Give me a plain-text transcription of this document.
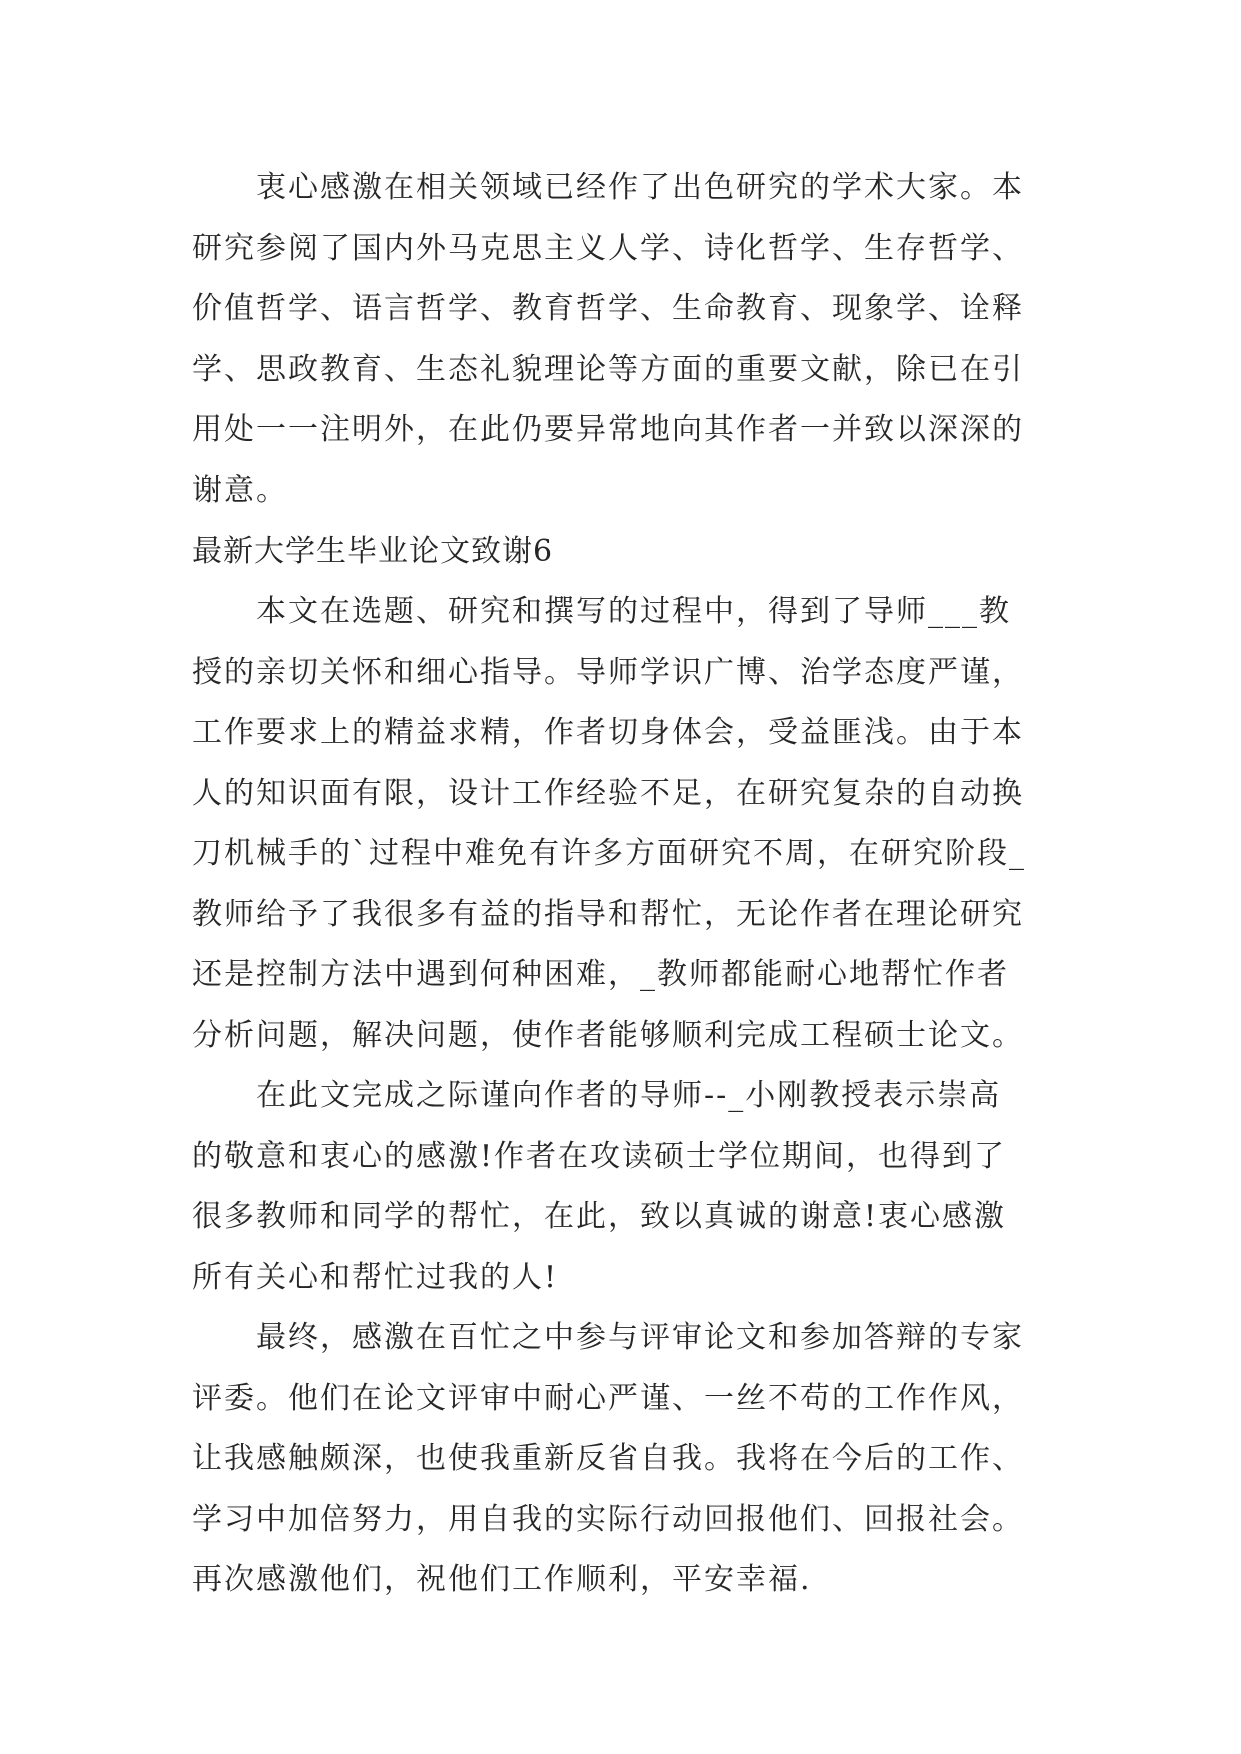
衷心感激在相关领域已经作了出色研究的学术大家。本
研究参阅了国内外马克思主义人学、诗化哲学、生存哲学、
价值哲学、语言哲学、教育哲学、生命教育、现象学、诠释
学、思政教育、生态礼貌理论等方面的重要文献，除已在引
用处一一注明外，在此仍要异常地向其作者一并致以深深的
谢意。
最新大学生毕业论文致谢6
本文在选题、研究和撰写的过程中，得到了导师___教
授的亲切关怀和细心指导。导师学识广博、治学态度严谨，
工作要求上的精益求精，作者切身体会，受益匪浅。由于本
人的知识面有限，设计工作经验不足，在研究复杂的自动换
刀机械手的`过程中难免有许多方面研究不周，在研究阶段_
教师给予了我很多有益的指导和帮忙，无论作者在理论研究
还是控制方法中遇到何种困难，_教师都能耐心地帮忙作者
分析问题，解决问题，使作者能够顺利完成工程硕士论文。
在此文完成之际谨向作者的导师--_小刚教授表示崇高
的敬意和衷心的感激!作者在攻读硕士学位期间，也得到了
很多教师和同学的帮忙，在此，致以真诚的谢意!衷心感激
所有关心和帮忙过我的人!
最终，感激在百忙之中参与评审论文和参加答辩的专家
评委。他们在论文评审中耐心严谨、一丝不苟的工作作风，
让我感触颇深，也使我重新反省自我。我将在今后的工作、
学习中加倍努力，用自我的实际行动回报他们、回报社会。
再次感激他们，祝他们工作顺利，平安幸福.
